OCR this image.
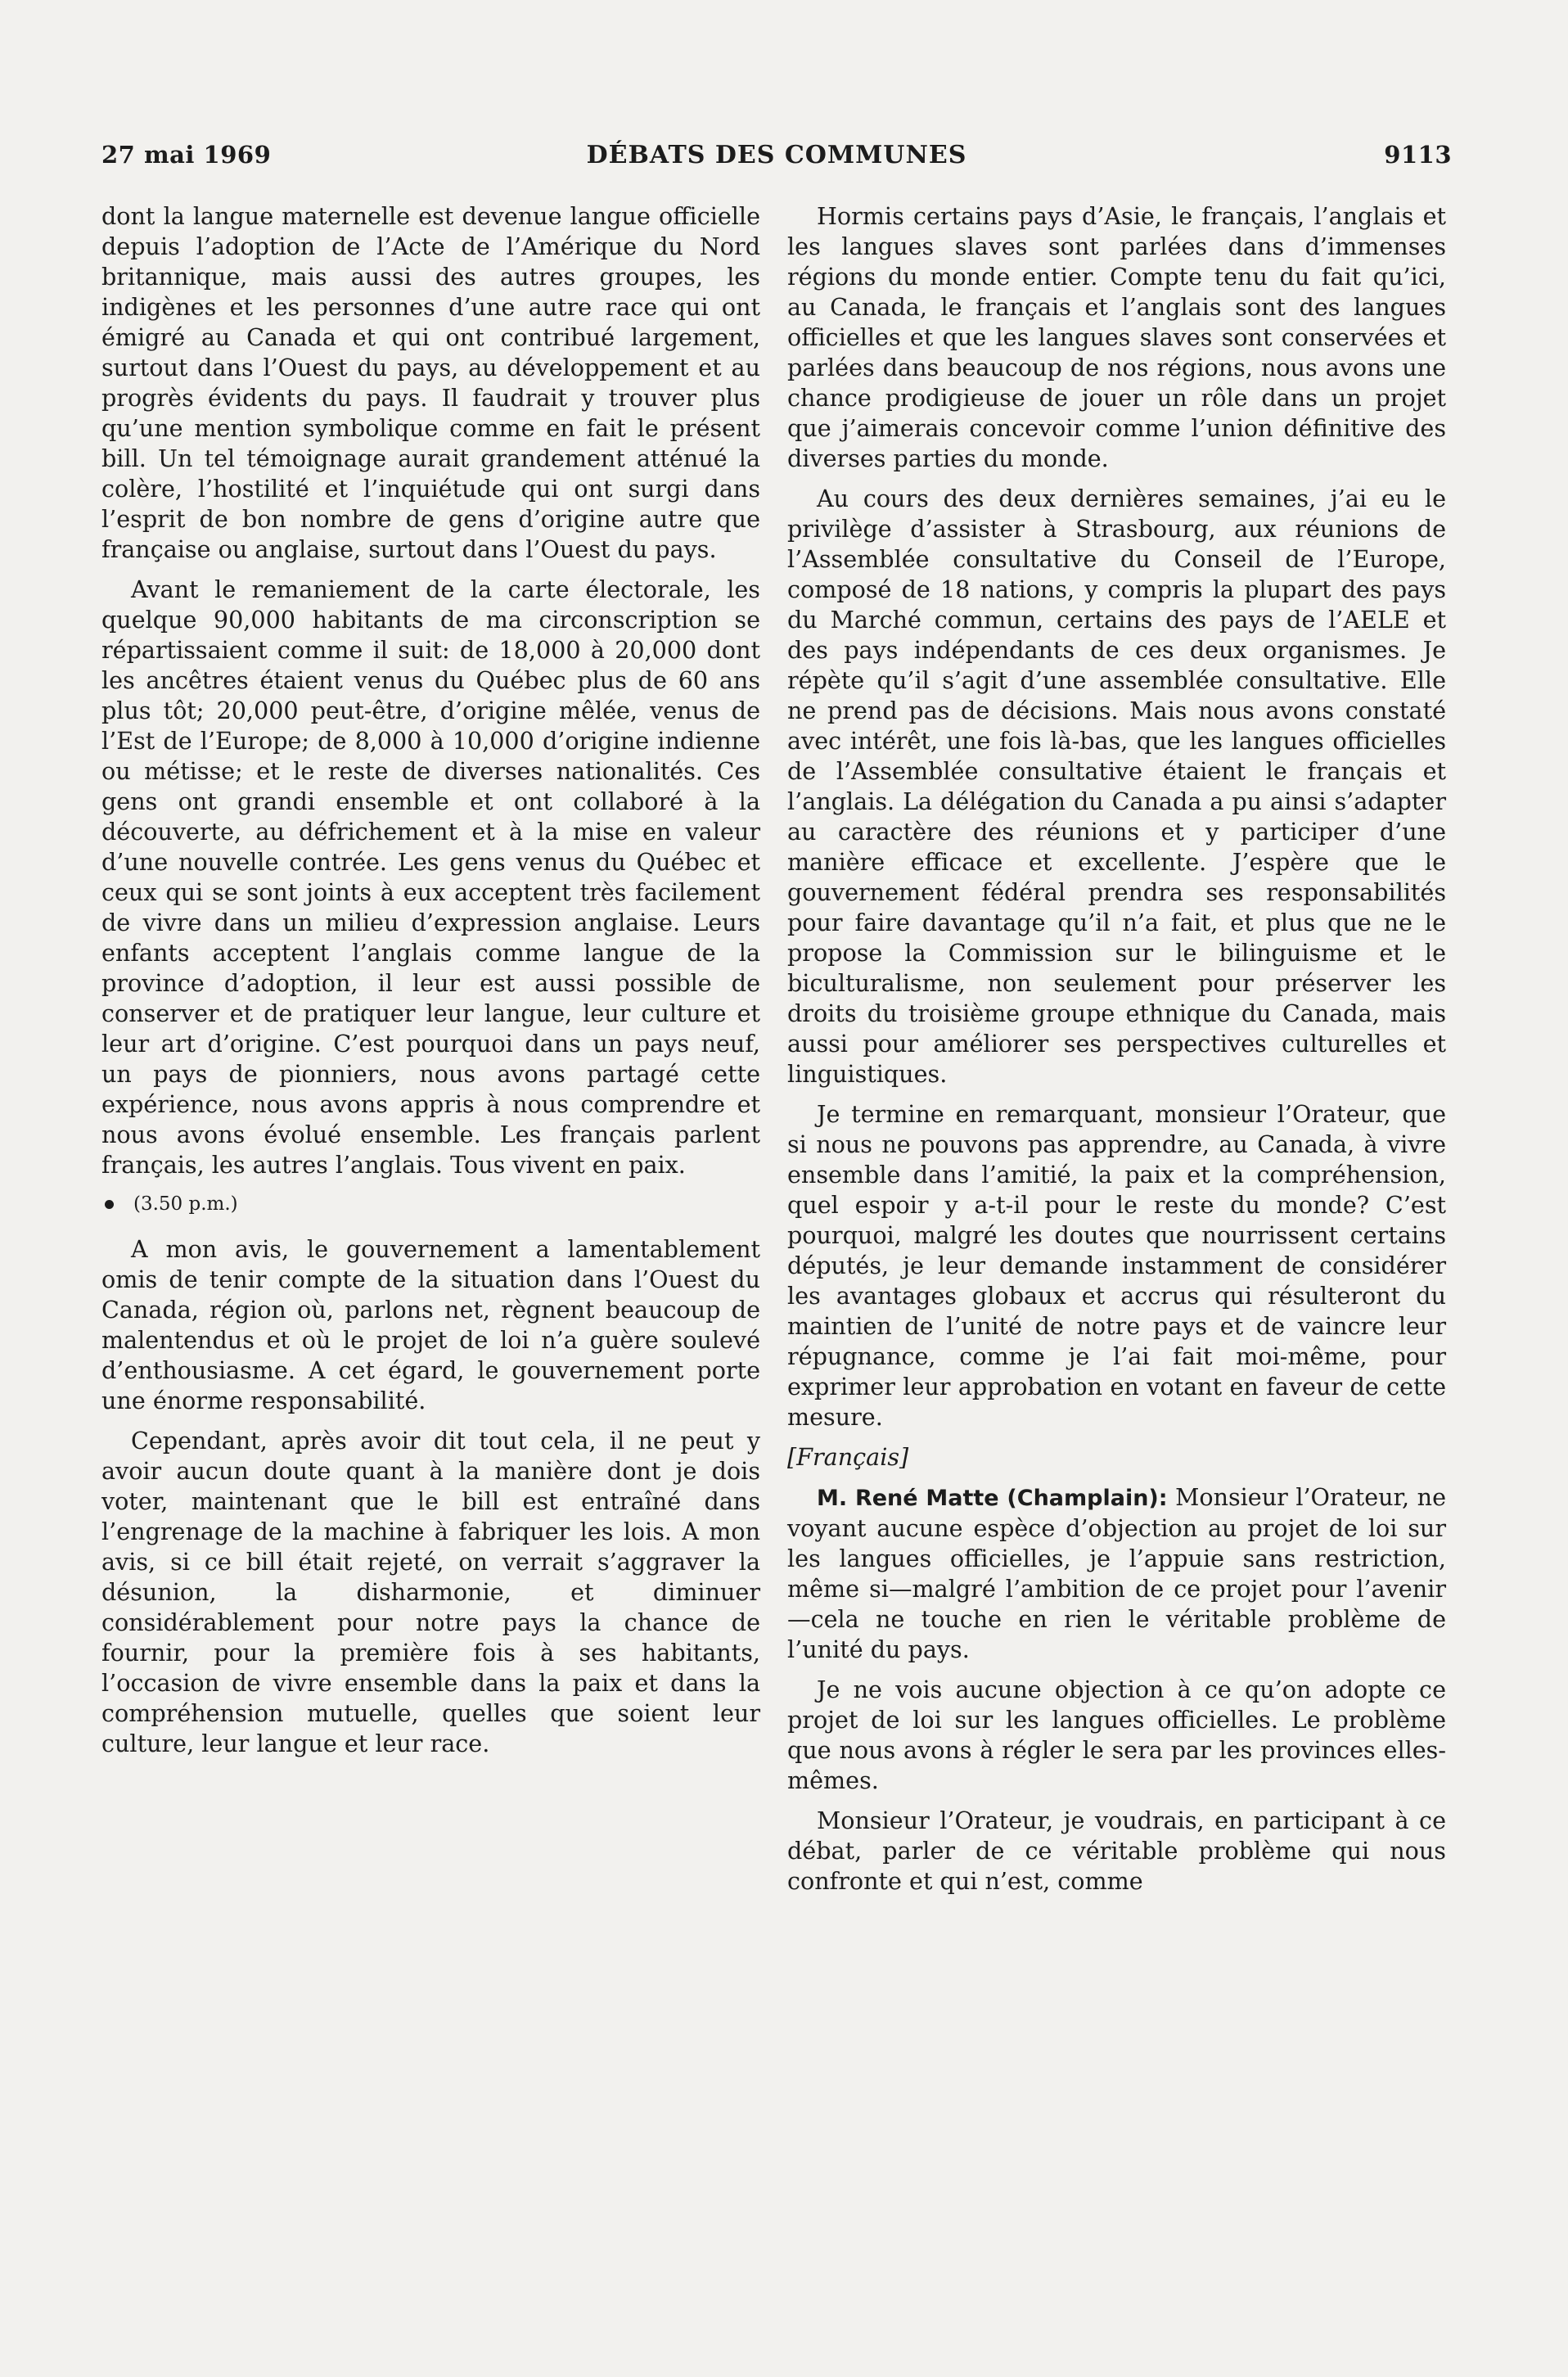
27 mai 1969	DÉBATS DES COMMUNES	9113

dont la langue maternelle est devenue langue officielle depuis l’adoption de l’Acte de l’Amérique du Nord britannique, mais aussi des autres groupes, les indigènes et les personnes d’une autre race qui ont émigré au Canada et qui ont contribué largement, surtout dans l’Ouest du pays, au développement et au progrès évidents du pays. Il faudrait y trouver plus qu’une mention symbolique comme en fait le présent bill. Un tel témoignage aurait grandement atténué la colère, l’hostilité et l’inquiétude qui ont surgi dans l’esprit de bon nombre de gens d’origine autre que française ou anglaise, surtout dans l’Ouest du pays.

Avant le remaniement de la carte électorale, les quelque 90,000 habitants de ma circonscription se répartissaient comme il suit: de 18,000 à 20,000 dont les ancêtres étaient venus du Québec plus de 60 ans plus tôt; 20,000 peut-être, d’origine mêlée, venus de l’Est de l’Europe; de 8,000 à 10,000 d’origine indienne ou métisse; et le reste de diverses nationalités. Ces gens ont grandi ensemble et ont collaboré à la découverte, au défrichement et à la mise en valeur d’une nouvelle contrée. Les gens venus du Québec et ceux qui se sont joints à eux acceptent très facilement de vivre dans un milieu d’expression anglaise. Leurs enfants acceptent l’anglais comme langue de la province d’adoption, il leur est aussi possible de conserver et de pratiquer leur langue, leur culture et leur art d’origine. C’est pourquoi dans un pays neuf, un pays de pionniers, nous avons partagé cette expérience, nous avons appris à nous comprendre et nous avons évolué ensemble. Les français parlent français, les autres l’anglais. Tous vivent en paix.

(3.50 p.m.)

A mon avis, le gouvernement a lamentablement omis de tenir compte de la situation dans l’Ouest du Canada, région où, parlons net, règnent beaucoup de malentendus et où le projet de loi n’a guère soulevé d’enthousiasme. A cet égard, le gouvernement porte une énorme responsabilité.

Cependant, après avoir dit tout cela, il ne peut y avoir aucun doute quant à la manière dont je dois voter, maintenant que le bill est entraîné dans l’engrenage de la machine à fabriquer les lois. A mon avis, si ce bill était rejeté, on verrait s’aggraver la désunion, la disharmonie, et diminuer considérablement pour notre pays la chance de fournir, pour la première fois à ses habitants, l’occasion de vivre ensemble dans la paix et dans la compréhension mutuelle, quelles que soient leur culture, leur langue et leur race.

Hormis certains pays d’Asie, le français, l’anglais et les langues slaves sont parlées dans d’immenses régions du monde entier. Compte tenu du fait qu’ici, au Canada, le français et l’anglais sont des langues officielles et que les langues slaves sont conservées et parlées dans beaucoup de nos régions, nous avons une chance prodigieuse de jouer un rôle dans un projet que j’aimerais concevoir comme l’union définitive des diverses parties du monde.

Au cours des deux dernières semaines, j’ai eu le privilège d’assister à Strasbourg, aux réunions de l’Assemblée consultative du Conseil de l’Europe, composé de 18 nations, y compris la plupart des pays du Marché commun, certains des pays de l’AELE et des pays indépendants de ces deux organismes. Je répète qu’il s’agit d’une assemblée consultative. Elle ne prend pas de décisions. Mais nous avons constaté avec intérêt, une fois là-bas, que les langues officielles de l’Assemblée consultative étaient le français et l’anglais. La délégation du Canada a pu ainsi s’adapter au caractère des réunions et y participer d’une manière efficace et excellente. J’espère que le gouvernement fédéral prendra ses responsabilités pour faire davantage qu’il n’a fait, et plus que ne le propose la Commission sur le bilinguisme et le biculturalisme, non seulement pour préserver les droits du troisième groupe ethnique du Canada, mais aussi pour améliorer ses perspectives culturelles et linguistiques.

Je termine en remarquant, monsieur l’Orateur, que si nous ne pouvons pas apprendre, au Canada, à vivre ensemble dans l’amitié, la paix et la compréhension, quel espoir y a-t-il pour le reste du monde? C’est pourquoi, malgré les doutes que nourrissent certains députés, je leur demande instamment de considérer les avantages globaux et accrus qui résulteront du maintien de l’unité de notre pays et de vaincre leur répugnance, comme je l’ai fait moi-même, pour exprimer leur approbation en votant en faveur de cette mesure.

[Français]

M. René Matte (Champlain): Monsieur l’Orateur, ne voyant aucune espèce d’objection au projet de loi sur les langues officielles, je l’appuie sans restriction, même si—malgré l’ambition de ce projet pour l’avenir—cela ne touche en rien le véritable problème de l’unité du pays.

Je ne vois aucune objection à ce qu’on adopte ce projet de loi sur les langues officielles. Le problème que nous avons à régler le sera par les provinces elles-mêmes.

Monsieur l’Orateur, je voudrais, en participant à ce débat, parler de ce véritable problème qui nous confronte et qui n’est, comme
